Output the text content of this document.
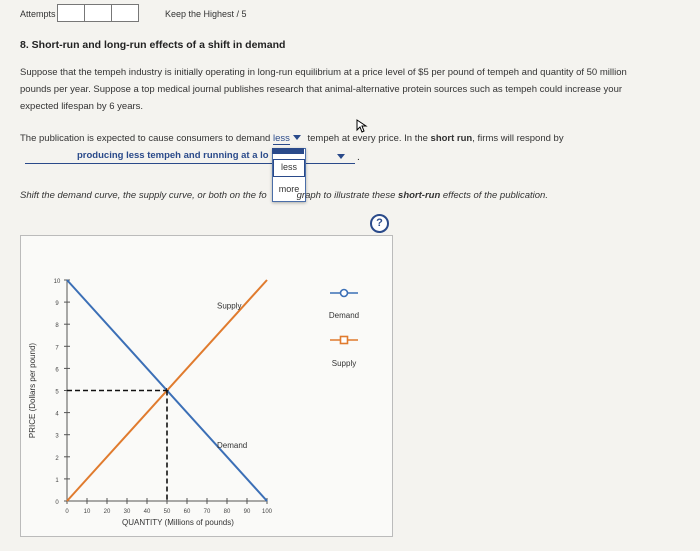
Attempts	Keep the Highest / 5
8. Short-run and long-run effects of a shift in demand
Suppose that the tempeh industry is initially operating in long-run equilibrium at a price level of $5 per pound of tempeh and quantity of 50 million pounds per year. Suppose a top medical journal publishes research that animal-alternative protein sources such as tempeh could increase your expected lifespan by 6 years.
The publication is expected to cause consumers to demand less tempeh at every price. In the short run, firms will respond by
producing less tempeh and running at a lo	.
less
more
Shift the demand curve, the supply curve, or both on the fo	graph to illustrate these short-run effects of the publication.
?
+
0
1
2
3
4
5
6
7
8
9
10
0 10 20 30 40 50 60 70 80 90 100
QUANTITY (Millions of pounds)
PRICE (Dollars per pound)
Supply
Demand
Demand
Supply
